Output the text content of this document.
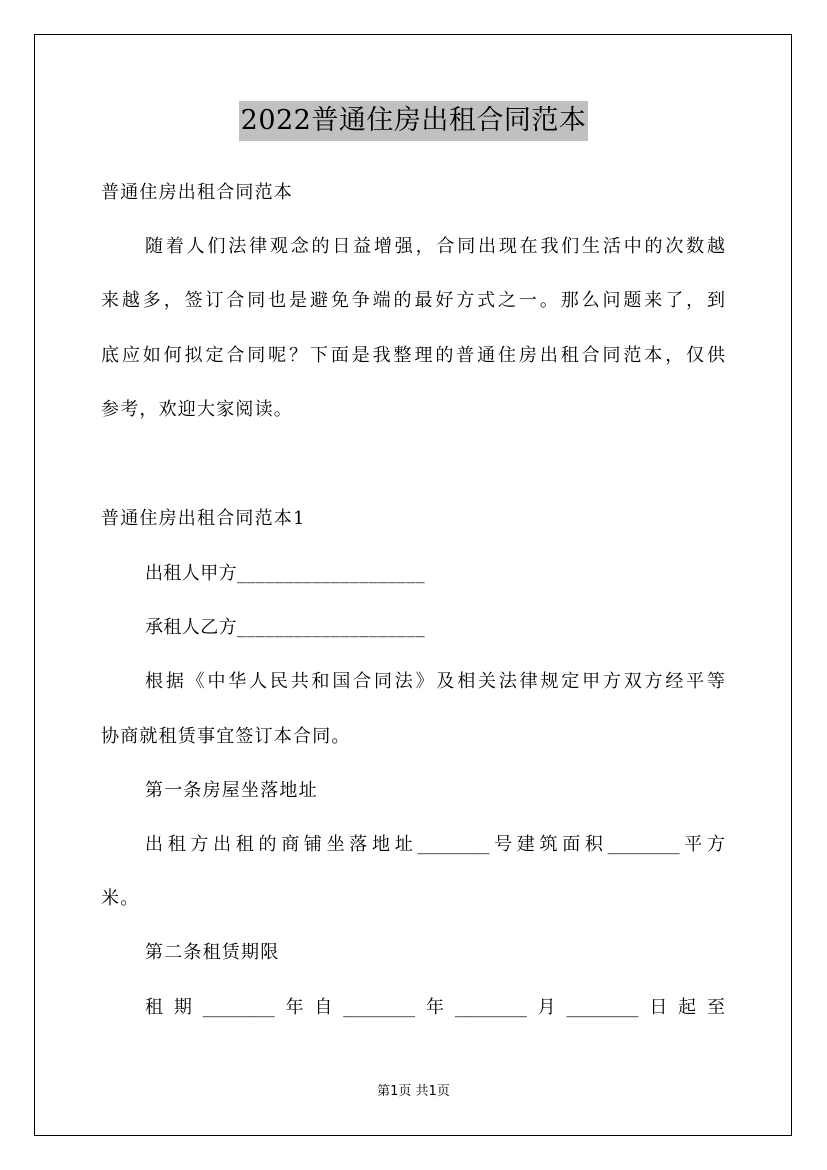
2022普通住房出租合同范本
普通住房出租合同范本
随着人们法律观念的日益增强，合同出现在我们生活中的次数越
来越多，签订合同也是避免争端的最好方式之一。那么问题来了，到
底应如何拟定合同呢？下面是我整理的普通住房出租合同范本，仅供
参考，欢迎大家阅读。
普通住房出租合同范本1
出租人甲方____________________
承租人乙方____________________
根据《中华人民共和国合同法》及相关法律规定甲方双方经平等
协商就租赁事宜签订本合同。
第一条房屋坐落地址
出租方出租的商铺坐落地址________号建筑面积________平方
米。
第二条租赁期限
租期________年自________年________月________日起至
第1页 共1页
